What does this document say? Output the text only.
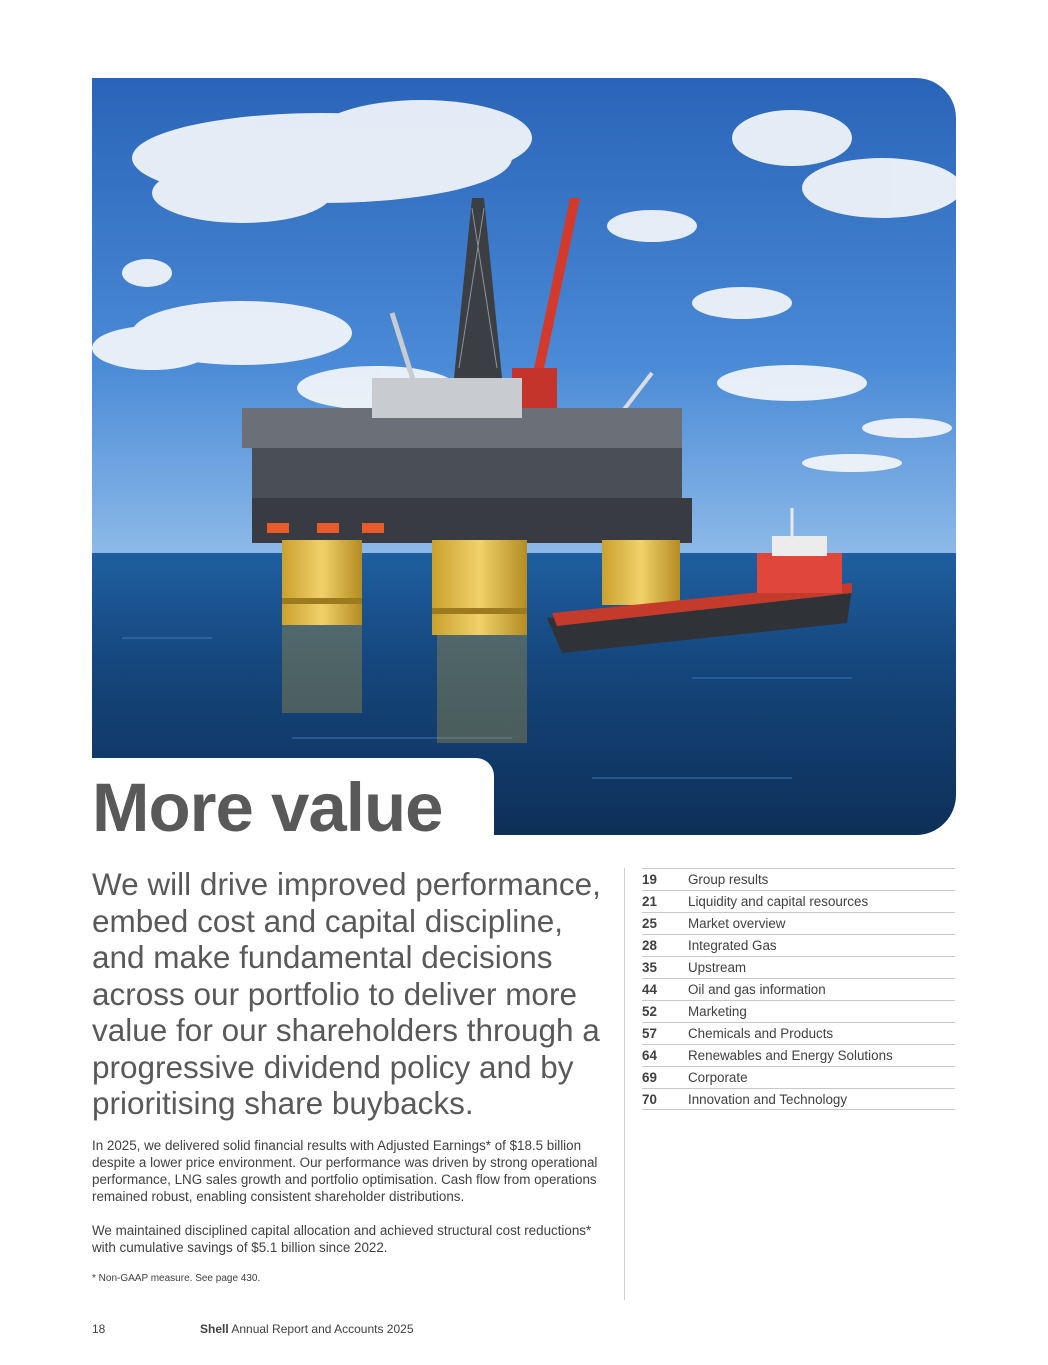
More value

We will drive improved performance, embed cost and capital discipline, and make fundamental decisions across our portfolio to deliver more value for our shareholders through a progressive dividend policy and by prioritising share buybacks.

In 2025, we delivered solid financial results with Adjusted Earnings* of $18.5 billion despite a lower price environment. Our performance was driven by strong operational performance, LNG sales growth and portfolio optimisation. Cash flow from operations remained robust, enabling consistent shareholder distributions.

We maintained disciplined capital allocation and achieved structural cost reductions* with cumulative savings of $5.1 billion since 2022.

* Non-GAAP measure. See page 430.
19	Group results
21	Liquidity and capital resources
25	Market overview
28	Integrated Gas
35	Upstream
44	Oil and gas information
52	Marketing
57	Chemicals and Products
64	Renewables and Energy Solutions
69	Corporate
70	Innovation and Technology
18	Shell Annual Report and Accounts 2025
